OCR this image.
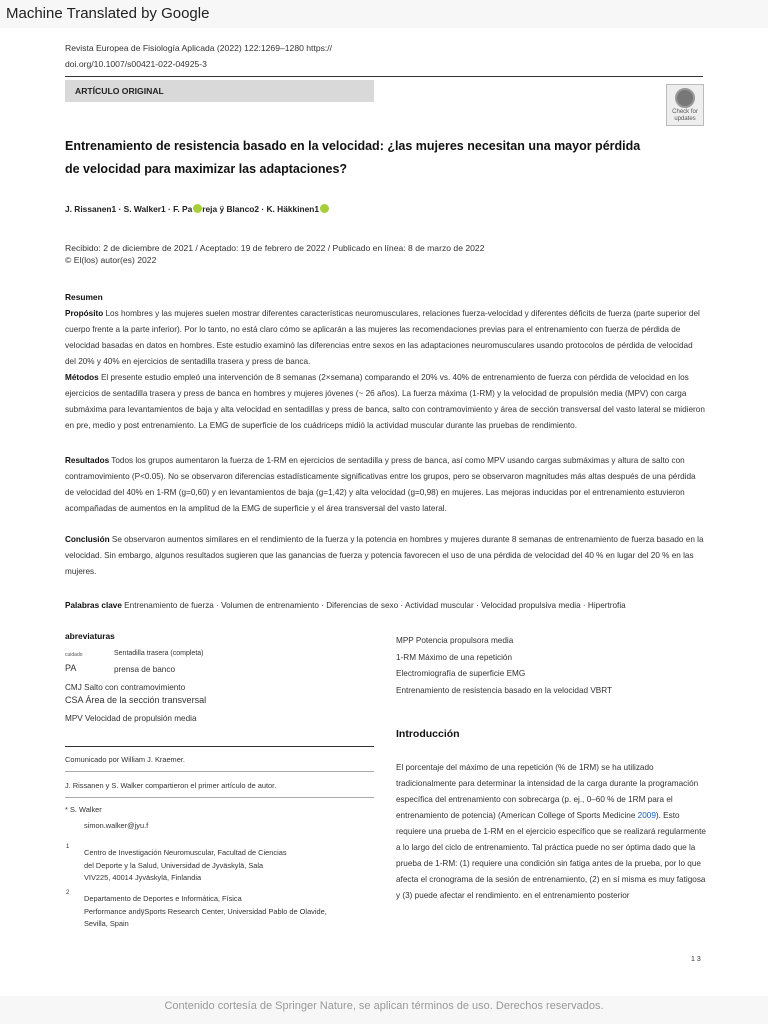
Machine Translated by Google
Revista Europea de Fisiología Aplicada (2022) 122:1269–1280 https://
doi.org/10.1007/s00421-022-04925-3
ARTÍCULO ORIGINAL
Check for
updates
Entrenamiento de resistencia basado en la velocidad: ¿las mujeres necesitan una mayor pérdida de velocidad para maximizar las adaptaciones?
J. Rissanen1 · S. Walker1 · F. Pa reja ÿ Blanco2 · K. Häkkinen1
Recibido: 2 de diciembre de 2021 / Aceptado: 19 de febrero de 2022 / Publicado en línea: 8 de marzo de 2022
© El(los) autor(es) 2022
Resumen
Propósito Los hombres y las mujeres suelen mostrar diferentes características neuromusculares, relaciones fuerza-velocidad y diferentes déficits de fuerza (parte superior del cuerpo frente a la parte inferior). Por lo tanto, no está claro cómo se aplicarán a las mujeres las recomendaciones previas para el entrenamiento con fuerza de pérdida de velocidad basadas en datos en hombres. Este estudio examinó las diferencias entre sexos en las adaptaciones neuromusculares usando protocolos de pérdida de velocidad del 20% y 40% en ejercicios de sentadilla trasera y press de banca.
Métodos El presente estudio empleó una intervención de 8 semanas (2×semana) comparando el 20% vs. 40% de entrenamiento de fuerza con pérdida de velocidad en los ejercicios de sentadilla trasera y press de banca en hombres y mujeres jóvenes (~ 26 años). La fuerza máxima (1-RM) y la velocidad de propulsión media (MPV) con carga submáxima para levantamientos de baja y alta velocidad en sentadillas y press de banca, salto con contramovimiento y área de sección transversal del vasto lateral se midieron en pre, medio y post entrenamiento. La EMG de superficie de los cuádriceps midió la actividad muscular durante las pruebas de rendimiento.
Resultados Todos los grupos aumentaron la fuerza de 1-RM en ejercicios de sentadilla y press de banca, así como MPV usando cargas submáximas y altura de salto con contramovimiento (P<0.05). No se observaron diferencias estadísticamente significativas entre los grupos, pero se observaron magnitudes más altas después de una pérdida de velocidad del 40% en 1-RM (g=0,60) y en levantamientos de baja (g=1,42) y alta velocidad (g=0,98) en mujeres. Las mejoras inducidas por el entrenamiento estuvieron acompañadas de aumentos en la amplitud de la EMG de superficie y el área transversal del vasto lateral.
Conclusión Se observaron aumentos similares en el rendimiento de la fuerza y la potencia en hombres y mujeres durante 8 semanas de entrenamiento de fuerza basado en la velocidad. Sin embargo, algunos resultados sugieren que las ganancias de fuerza y potencia favorecen el uso de una pérdida de velocidad del 40 % en lugar del 20 % en las mujeres.
Palabras clave Entrenamiento de fuerza · Volumen de entrenamiento · Diferencias de sexo · Actividad muscular · Velocidad propulsiva media · Hipertrofia
abreviaturas
cuidado	Sentadilla trasera (completa)
PA	prensa de banco
CMJ Salto con contramovimiento
CSA Área de la sección transversal
MPV Velocidad de propulsión media
MPP Potencia propulsora media
1-RM Máximo de una repetición
Electromiografía de superficie EMG
Entrenamiento de resistencia basado en la velocidad VBRT
Introducción
Comunicado por William J. Kraemer.
J. Rissanen y S. Walker compartieron el primer artículo de autor.
* S. Walker
simon.walker@jyu.f
1
Centro de Investigación Neuromuscular, Facultad de Ciencias
del Deporte y la Salud, Universidad de Jyväskylä, Sala
VIV225, 40014 Jyväskylä, Finlandia
2
Departamento de Deportes e Informática, Física
Performance andÿSports Research Center, Universidad Pablo de Olavide,
Sevilla, Spain
El porcentaje del máximo de una repetición (% de 1RM) se ha utilizado tradicionalmente para determinar la intensidad de la carga durante la programación específica del entrenamiento con sobrecarga (p. ej., 0–60 % de 1RM para el entrenamiento de potencia) (American College of Sports Medicine 2009). Esto requiere una prueba de 1-RM en el ejercicio específico que se realizará regularmente a lo largo del ciclo de entrenamiento. Tal práctica puede no ser óptima dado que la prueba de 1-RM: (1) requiere una condición sin fatiga antes de la prueba, por lo que afecta el cronograma de la sesión de entrenamiento, (2) en sí misma es muy fatigosa y (3) puede afectar el rendimiento. en el entrenamiento posterior
1 3
Contenido cortesía de Springer Nature, se aplican términos de uso. Derechos reservados.
